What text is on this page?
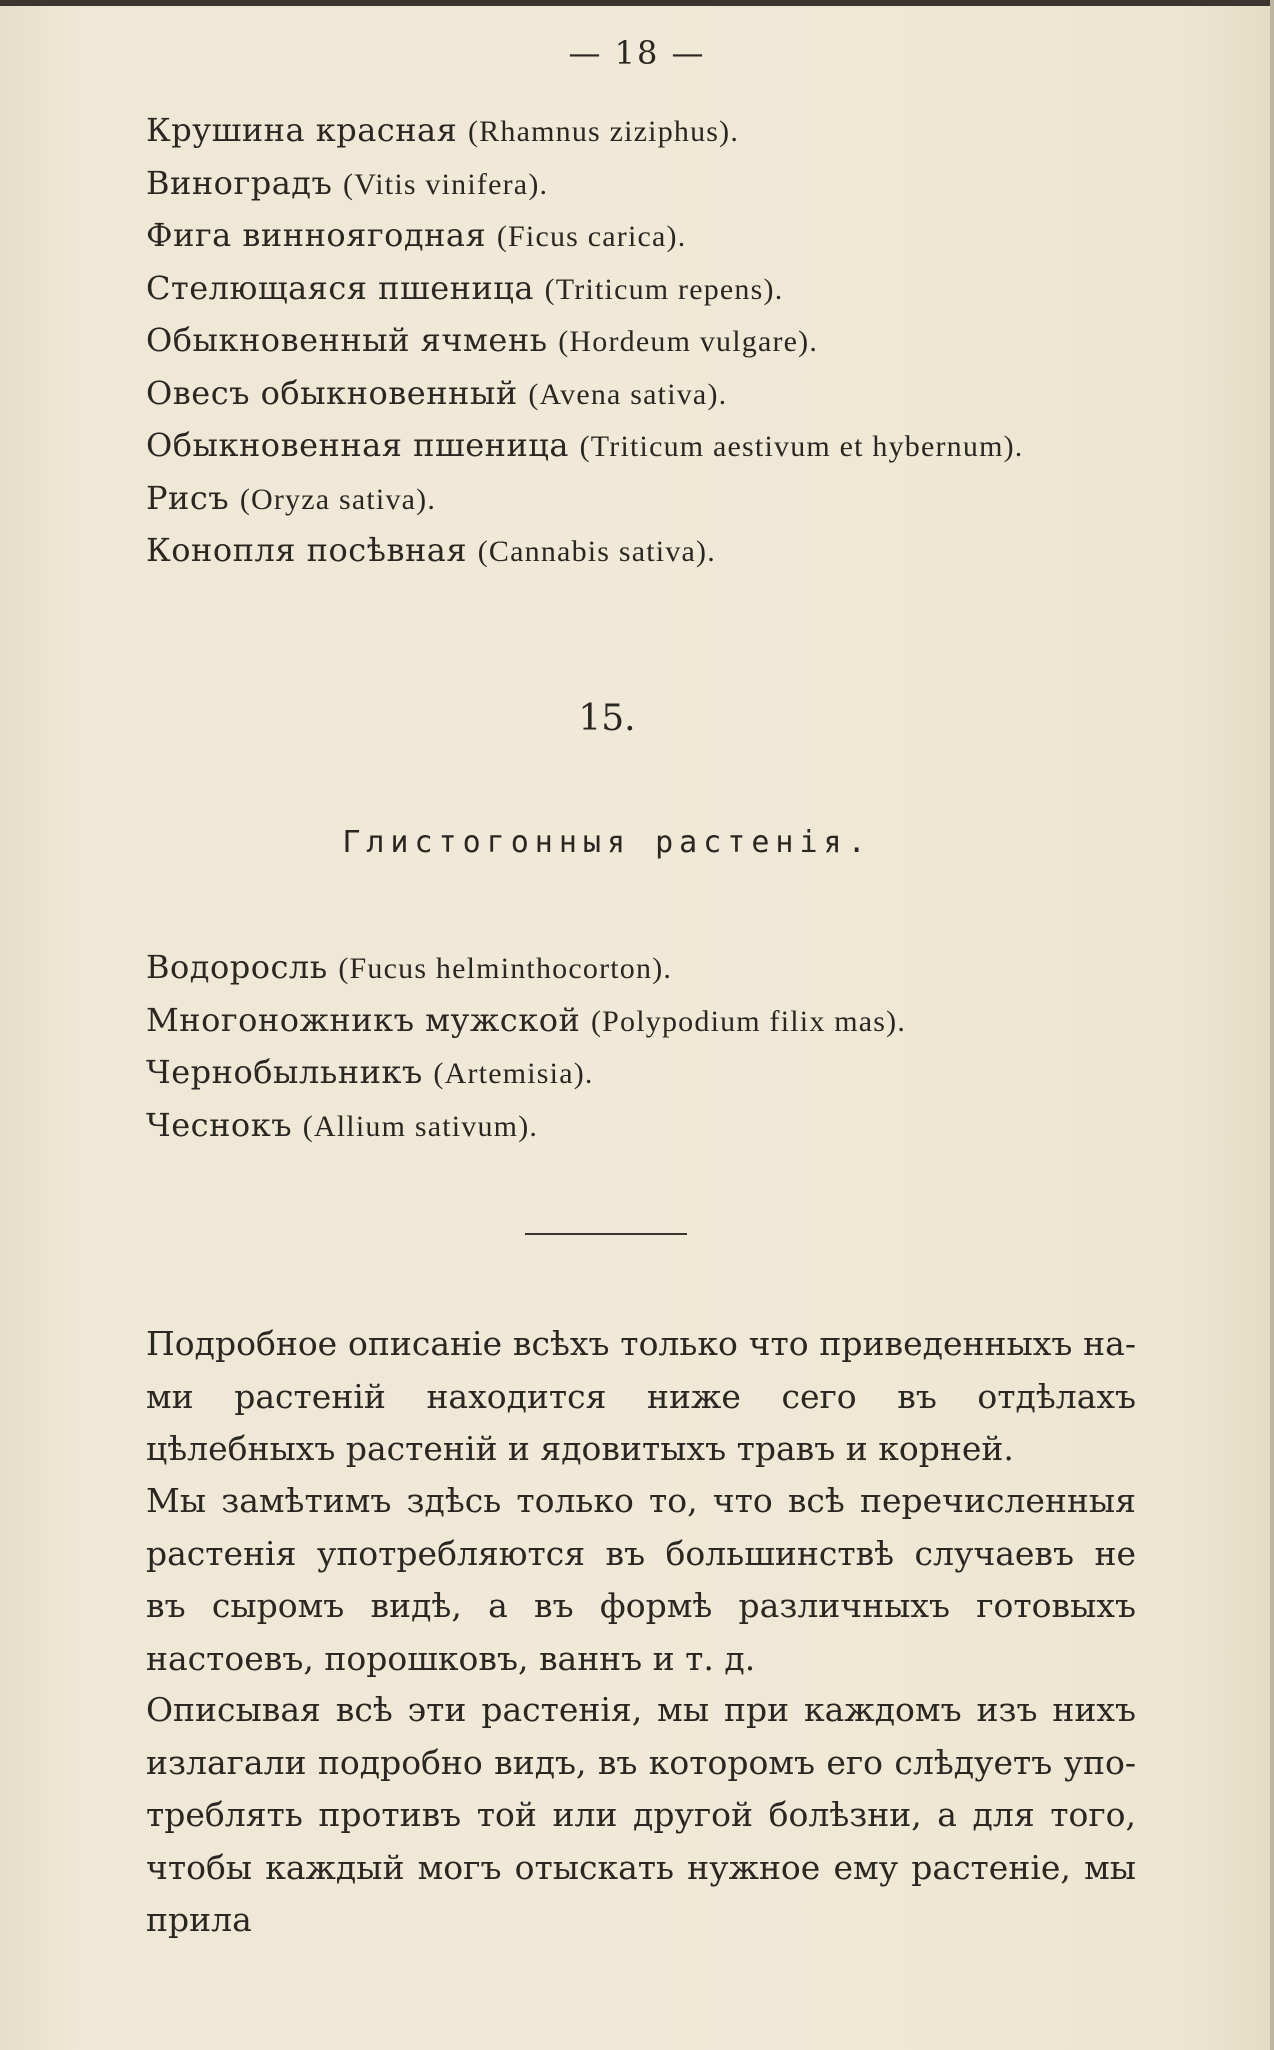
— 18 —
Крушина красная (Rhamnus ziziphus).
Виноградъ (Vitis vinifera).
Фига винноягодная (Ficus carica).
Стелющаяся пшеница (Triticum repens).
Обыкновенный ячмень (Hordeum vulgare).
Овесъ обыкновенный (Avena sativa).
Обыкновенная пшеница (Triticum aestivum et hybernum).
Рисъ (Oryza sativa).
Конопля посѣвная (Cannabis sativa).
15.
Глистогонныя растенія.
Водоросль (Fucus helminthocorton).
Многоножникъ мужской (Polypodium filix mas).
Чернобыльникъ (Artemisia).
Чеснокъ (Allium sativum).

Подробное описаніе всѣхъ только что приведенныхъ нами растеній находится ниже сего въ отдѣлахъ цѣлебныхъ растеній и ядовитыхъ травъ и корней.

Мы замѣтимъ здѣсь только то, что всѣ перечисленныя растенія употребляются въ большинствѣ случаевъ не въ сыромъ видѣ, а въ формѣ различныхъ готовыхъ настоевъ, порошковъ, ваннъ и т. д.

Описывая всѣ эти растенія, мы при каждомъ изъ нихъ излагали подробно видъ, въ которомъ его слѣдуетъ употреблять противъ той или другой болѣзни, а для того, чтобы каждый могъ отыскать нужное ему растеніе, мы прила
